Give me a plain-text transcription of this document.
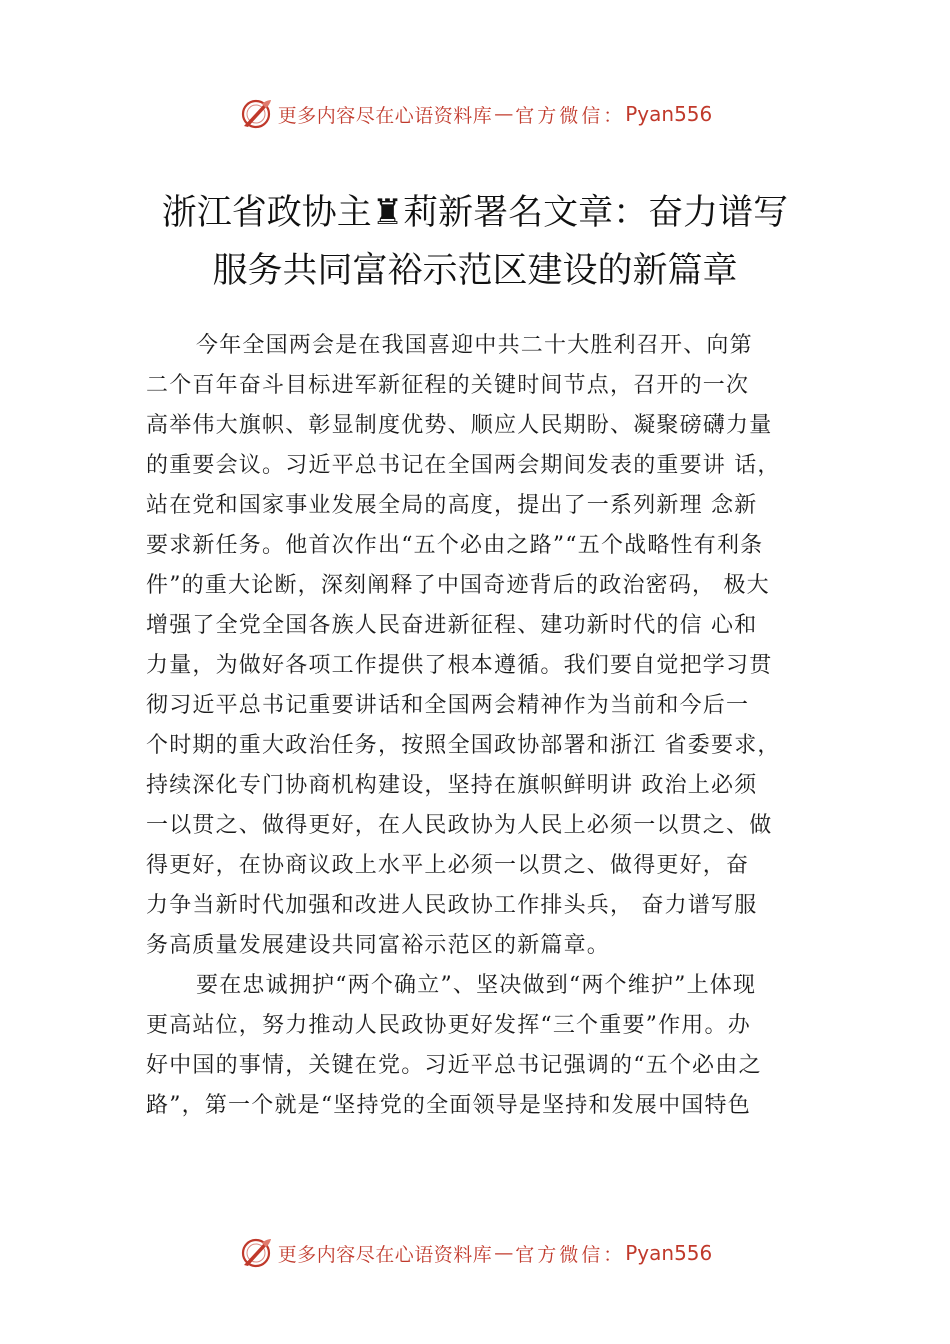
更多内容尽在心语资料库 — 官方微信： Pyan556
浙江省政协主♜莉新署名文章：奋力谱写
服务共同富裕示范区建设的新篇章
今年全国两会是在我国喜迎中共二十大胜利召开、向第
二个百年奋斗目标进军新征程的关键时间节点，召开的一次
高举伟大旗帜、彰显制度优势、顺应人民期盼、凝聚磅礴力量
的重要会议。习近平总书记在全国两会期间发表的重要讲 话，
站在党和国家事业发展全局的高度，提出了一系列新理 念新
要求新任务。他首次作出“五个必由之路”“五个战略性有利条
件”的重大论断，深刻阐释了中国奇迹背后的政治密码， 极大
增强了全党全国各族人民奋进新征程、建功新时代的信 心和
力量，为做好各项工作提供了根本遵循。我们要自觉把学习贯
彻习近平总书记重要讲话和全国两会精神作为当前和今后一
个时期的重大政治任务，按照全国政协部署和浙江 省委要求，
持续深化专门协商机构建设，坚持在旗帜鲜明讲 政治上必须
一以贯之、做得更好，在人民政协为人民上必须一以贯之、做
得更好，在协商议政上水平上必须一以贯之、做得更好，奋
力争当新时代加强和改进人民政协工作排头兵， 奋力谱写服
务高质量发展建设共同富裕示范区的新篇章。
要在忠诚拥护“两个确立”、坚决做到“两个维护”上体现
更高站位，努力推动人民政协更好发挥“三个重要”作用。办
好中国的事情，关键在党。习近平总书记强调的“五个必由之
路”，第一个就是“坚持党的全面领导是坚持和发展中国特色
更多内容尽在心语资料库 — 官方微信： Pyan556
